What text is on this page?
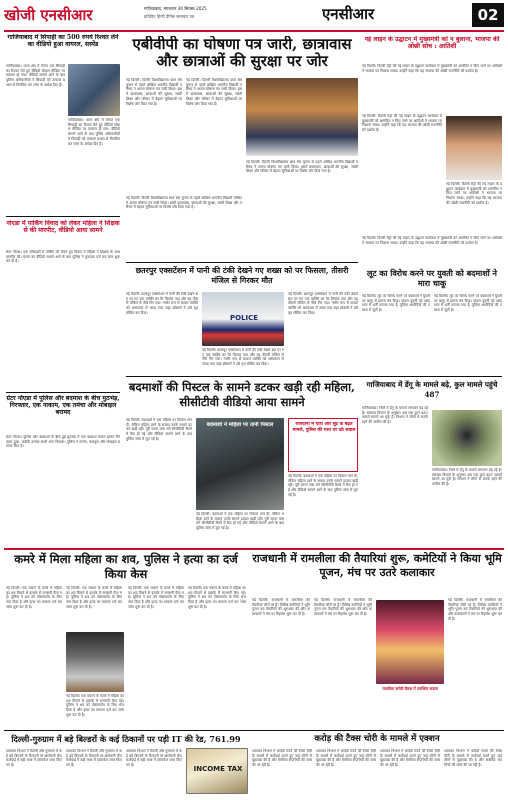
खोजी एनसीआर	गाजियाबाद, मंगलवार 30 सितंबर 2025
प्रतिदिन हिन्दी दैनिक समाचार पत्र	एनसीआर	02
गाजियाबाद में सिपाही का 500 रुपये रिश्वत लेने का वीडियो हुआ वायरल, सस्पेंड
गाजियाबाद। थाना क्षेत्र में तैनात एक सिपाही का रिश्वत लेते हुए वीडियो सोशल मीडिया पर वायरल हो गया। वीडियो सामने आने के बाद पुलिस अधिकारियों ने सिपाही को तत्काल प्रभाव से निलंबित कर जांच के आदेश दिए हैं।
गाजियाबाद। थाना क्षेत्र में तैनात एक सिपाही का रिश्वत लेते हुए वीडियो सोशल मीडिया पर वायरल हो गया। वीडियो सामने आने के बाद पुलिस अधिकारियों ने सिपाही को तत्काल प्रभाव से निलंबित कर जांच के आदेश दिए हैं।
नोएडा में पार्किंग विवाद को लेकर महिला ने शिक्षक से की मारपीट, वीडियो आया सामने
ग्रेटर नोएडा। एक सोसाइटी में पार्किंग को लेकर हुए विवाद में महिला ने शिक्षक के साथ मारपीट की। घटना का वीडियो सामने आने के बाद पुलिस ने मुकदमा दर्ज कर जांच शुरू कर दी है।
ग्रेटर नोएडा में पुलिस और बदमाश के बीच मुठभेड़, गिरफ्तार, एक नाकाम, एक तमंचा और मोबाइल बरामद
ग्रेटर नोएडा। पुलिस और बदमाशों के बीच हुई मुठभेड़ में एक बदमाश घायल होकर गिरफ्तार हुआ, जबकि उसका साथी भाग निकला। पुलिस ने तमंचा, कारतूस और मोबाइल बरामद किए हैं।
एबीवीपी का घोषणा पत्र जारी, छात्रावास और छात्राओं की सुरक्षा पर जोर
नई दिल्ली। दिल्ली विश्वविद्यालय छात्र संघ चुनाव से पहले अखिल भारतीय विद्यार्थी परिषद ने अपना घोषणा पत्र जारी किया। इसमें छात्रावास, छात्राओं की सुरक्षा, सस्ती शिक्षा और परिसर में बेहतर सुविधाओं पर विशेष जोर दिया गया है।
नई दिल्ली। दिल्ली विश्वविद्यालय छात्र संघ चुनाव से पहले अखिल भारतीय विद्यार्थी परिषद ने अपना घोषणा पत्र जारी किया। इसमें छात्रावास, छात्राओं की सुरक्षा, सस्ती शिक्षा और परिसर में बेहतर सुविधाओं पर विशेष जोर दिया गया है।
नई दिल्ली। दिल्ली विश्वविद्यालय छात्र संघ चुनाव से पहले अखिल भारतीय विद्यार्थी परिषद ने अपना घोषणा पत्र जारी किया। इसमें छात्रावास, छात्राओं की सुरक्षा, सस्ती शिक्षा और परिसर में बेहतर सुविधाओं पर विशेष जोर दिया गया है।
नई दिल्ली। दिल्ली विश्वविद्यालय छात्र संघ चुनाव से पहले अखिल भारतीय विद्यार्थी परिषद ने अपना घोषणा पत्र जारी किया। इसमें छात्रावास, छात्राओं की सुरक्षा, सस्ती शिक्षा और परिसर में बेहतर सुविधाओं पर विशेष जोर दिया गया है।
नई लाइन के उद्घाटन में मुख्यमंत्री को न बुलाना, भाजपा की ओछी सोच : आतिशी
नई दिल्ली। दिल्ली मेट्रो की नई लाइन के उद्घाटन कार्यक्रम में मुख्यमंत्री को आमंत्रित न किए जाने पर आतिशी ने भाजपा पर निशाना साधा। उन्होंने कहा कि यह भाजपा की ओछी राजनीति को दर्शाता है।
नई दिल्ली। दिल्ली मेट्रो की नई लाइन के उद्घाटन कार्यक्रम में मुख्यमंत्री को आमंत्रित न किए जाने पर आतिशी ने भाजपा पर निशाना साधा। उन्होंने कहा कि यह भाजपा की ओछी राजनीति को दर्शाता है।
नई दिल्ली। दिल्ली मेट्रो की नई लाइन के उद्घाटन कार्यक्रम में मुख्यमंत्री को आमंत्रित न किए जाने पर आतिशी ने भाजपा पर निशाना साधा। उन्होंने कहा कि यह भाजपा की ओछी राजनीति को दर्शाता है।
नई दिल्ली। दिल्ली मेट्रो की नई लाइन के उद्घाटन कार्यक्रम में मुख्यमंत्री को आमंत्रित न किए जाने पर आतिशी ने भाजपा पर निशाना साधा। उन्होंने कहा कि यह भाजपा की ओछी राजनीति को दर्शाता है।
छतरपुर एक्सटेंशन में पानी की टंकी देखने गए शख्स को पर फिसला, तीसरी मंजिल से गिरकर मौत
नई दिल्ली। छतरपुर एक्सटेंशन में पानी की टंकी देखने छत पर गए एक व्यक्ति का पैर फिसल गया और वह तीसरी मंजिल से नीचे गिर गया। गंभीर रूप से घायल व्यक्ति को अस्पताल ले जाया गया जहां डॉक्टरों ने उसे मृत घोषित कर दिया।
POLICE
नई दिल्ली। छतरपुर एक्सटेंशन में पानी की टंकी देखने छत पर गए एक व्यक्ति का पैर फिसल गया और वह तीसरी मंजिल से नीचे गिर गया। गंभीर रूप से घायल व्यक्ति को अस्पताल ले जाया गया जहां डॉक्टरों ने उसे मृत घोषित कर दिया।
नई दिल्ली। छतरपुर एक्सटेंशन में पानी की टंकी देखने छत पर गए एक व्यक्ति का पैर फिसल गया और वह तीसरी मंजिल से नीचे गिर गया। गंभीर रूप से घायल व्यक्ति को अस्पताल ले जाया गया जहां डॉक्टरों ने उसे मृत घोषित कर दिया।
लूट का विरोध करने पर युवती को बदमाशों ने मारा चाकू
नई दिल्ली। लूट का विरोध करने पर बदमाशों ने युवती पर चाकू से हमला कर दिया। घायल युवती को अस्पताल में भर्ती कराया गया है, पुलिस आरोपियों की तलाश में जुटी है।
नई दिल्ली। लूट का विरोध करने पर बदमाशों ने युवती पर चाकू से हमला कर दिया। घायल युवती को अस्पताल में भर्ती कराया गया है, पुलिस आरोपियों की तलाश में जुटी है।
बदमाशों की पिस्टल के सामने डटकर खड़ी रही महिला, सीसीटीवी वीडियो आया सामने
नई दिल्ली। बदमाशों ने एक महिला पर पिस्टल तान दी, लेकिन महिला डरने के बजाय उनके सामने डटकर खड़ी रही। पूरी घटना पास लगे सीसीटीवी कैमरे में कैद हो गई और वीडियो सामने आने के बाद पुलिस जांच में जुट गई है।
बदमाशों ने महिला पर तानी पिस्टल	राजधानी में चोरी और लूट के बढ़ते मामले, पुलिस की गश्त पर उठे सवाल
नई दिल्ली। बदमाशों ने एक महिला पर पिस्टल तान दी, लेकिन महिला डरने के बजाय उनके सामने डटकर खड़ी रही। पूरी घटना पास लगे सीसीटीवी कैमरे में कैद हो गई और वीडियो सामने आने के बाद पुलिस जांच में जुट गई है।
नई दिल्ली। बदमाशों ने एक महिला पर पिस्टल तान दी, लेकिन महिला डरने के बजाय उनके सामने डटकर खड़ी रही। पूरी घटना पास लगे सीसीटीवी कैमरे में कैद हो गई और वीडियो सामने आने के बाद पुलिस जांच में जुट गई है।
गाजियाबाद में डेंगू के मामले बढ़े, कुल मामले पहुंचे 487
गाजियाबाद। जिले में डेंगू के मामले लगातार बढ़ रहे हैं। स्वास्थ्य विभाग के अनुसार अब तक कुल 487 मामले सामने आ चुके हैं। विभाग ने लोगों से सतर्क रहने की अपील की है।
गाजियाबाद। जिले में डेंगू के मामले लगातार बढ़ रहे हैं। स्वास्थ्य विभाग के अनुसार अब तक कुल 487 मामले सामने आ चुके हैं। विभाग ने लोगों से सतर्क रहने की अपील की है।
कमरे में मिला महिला का शव, पुलिस ने हत्या का दर्ज किया केस
नई दिल्ली। एक मकान के कमरे में महिला का शव मिलने से इलाके में सनसनी फैल गई। पुलिस ने शव को पोस्टमार्टम के लिए भेज दिया है और हत्या का मामला दर्ज कर जांच शुरू कर दी है।
नई दिल्ली। एक मकान के कमरे में महिला का शव मिलने से इलाके में सनसनी फैल गई। पुलिस ने शव को पोस्टमार्टम के लिए भेज दिया है और हत्या का मामला दर्ज कर जांच शुरू कर दी है।
नई दिल्ली। एक मकान के कमरे में महिला का शव मिलने से इलाके में सनसनी फैल गई। पुलिस ने शव को पोस्टमार्टम के लिए भेज दिया है और हत्या का मामला दर्ज कर जांच शुरू कर दी है।
नई दिल्ली। एक मकान के कमरे में महिला का शव मिलने से इलाके में सनसनी फैल गई। पुलिस ने शव को पोस्टमार्टम के लिए भेज दिया है और हत्या का मामला दर्ज कर जांच शुरू कर दी है।
नई दिल्ली। एक मकान के कमरे में महिला का शव मिलने से इलाके में सनसनी फैल गई। पुलिस ने शव को पोस्टमार्टम के लिए भेज दिया है और हत्या का मामला दर्ज कर जांच शुरू कर दी है।
राजधानी में रामलीला की तैयारियां शुरू, कमेटियों ने किया भूमि पूजन, मंच पर उतरे कलाकार
नई दिल्ली। राजधानी में रामलीला की तैयारियां जोरों पर हैं। विभिन्न कमेटियों ने भूमि पूजन कर तैयारियों की शुरुआत की और कलाकारों ने मंच पर रिहर्सल शुरू कर दी है।
नई दिल्ली। राजधानी में रामलीला की तैयारियां जोरों पर हैं। विभिन्न कमेटियों ने भूमि पूजन कर तैयारियों की शुरुआत की और कलाकारों ने मंच पर रिहर्सल शुरू कर दी है।
रामलीला कमेटी बैठक में उपस्थित सदस्य
नई दिल्ली। राजधानी में रामलीला की तैयारियां जोरों पर हैं। विभिन्न कमेटियों ने भूमि पूजन कर तैयारियों की शुरुआत की और कलाकारों ने मंच पर रिहर्सल शुरू कर दी है।
दिल्ली-गुरुग्राम में बड़े बिल्डरों के कई ठिकानों पर पड़ी IT की रेड, 761.99
आयकर विभाग ने दिल्ली और गुरुग्राम में कई बड़े बिल्डरों के ठिकानों पर छापेमारी की। कार्रवाई में बड़ी मात्रा में दस्तावेज जब्त किए गए हैं।
आयकर विभाग ने दिल्ली और गुरुग्राम में कई बड़े बिल्डरों के ठिकानों पर छापेमारी की। कार्रवाई में बड़ी मात्रा में दस्तावेज जब्त किए गए हैं।
आयकर विभाग ने दिल्ली और गुरुग्राम में कई बड़े बिल्डरों के ठिकानों पर छापेमारी की। कार्रवाई में बड़ी मात्रा में दस्तावेज जब्त किए गए हैं।
करोड़ की टैक्स चोरी के मामले में एक्शन
आयकर विभाग ने करोड़ों रुपये की टैक्स चोरी के मामले में कार्रवाई करते हुए कई लोगों से पूछताछ की है और संबंधित संपत्तियों की जांच की जा रही है।
आयकर विभाग ने करोड़ों रुपये की टैक्स चोरी के मामले में कार्रवाई करते हुए कई लोगों से पूछताछ की है और संबंधित संपत्तियों की जांच की जा रही है।
आयकर विभाग ने करोड़ों रुपये की टैक्स चोरी के मामले में कार्रवाई करते हुए कई लोगों से पूछताछ की है और संबंधित संपत्तियों की जांच की जा रही है।
आयकर विभाग ने करोड़ों रुपये की टैक्स चोरी के मामले में कार्रवाई करते हुए कई लोगों से पूछताछ की है और संबंधित संपत्तियों की जांच की जा रही है।
INCOME TAX
